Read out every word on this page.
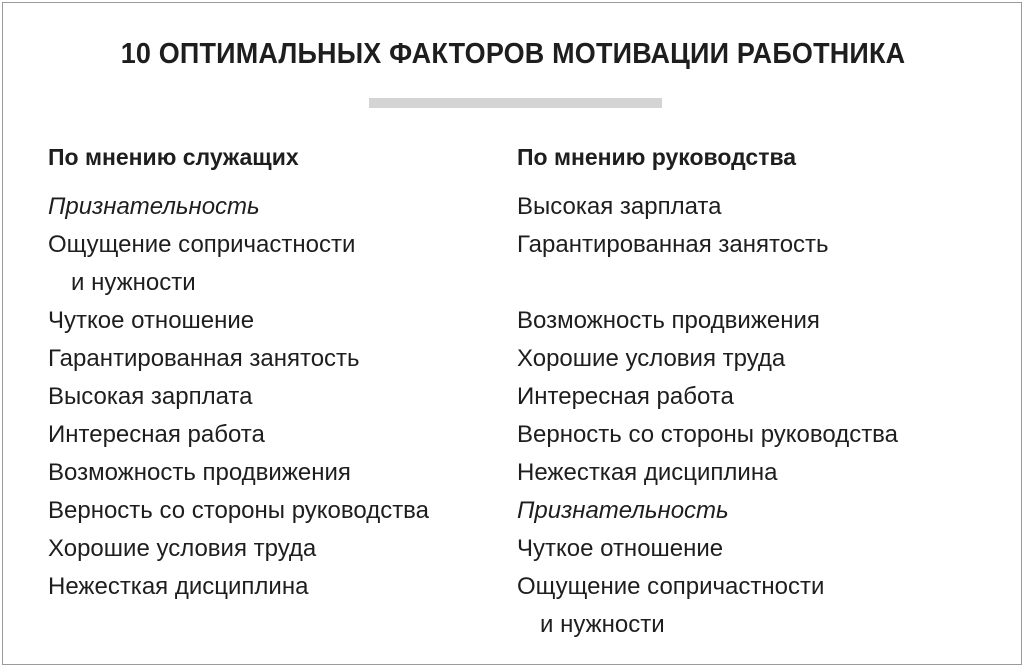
10 ОПТИМАЛЬНЫХ ФАКТОРОВ МОТИВАЦИИ РАБОТНИКА
По мнению служащих
Признательность
Ощущение сопричастности
и нужности
Чуткое отношение
Гарантированная занятость
Высокая зарплата
Интересная работа
Возможность продвижения
Верность со стороны руководства
Хорошие условия труда
Нежесткая дисциплина
По мнению руководства
Высокая зарплата
Гарантированная занятость
Возможность продвижения
Хорошие условия труда
Интересная работа
Верность со стороны руководства
Нежесткая дисциплина
Признательность
Чуткое отношение
Ощущение сопричастности
и нужности
